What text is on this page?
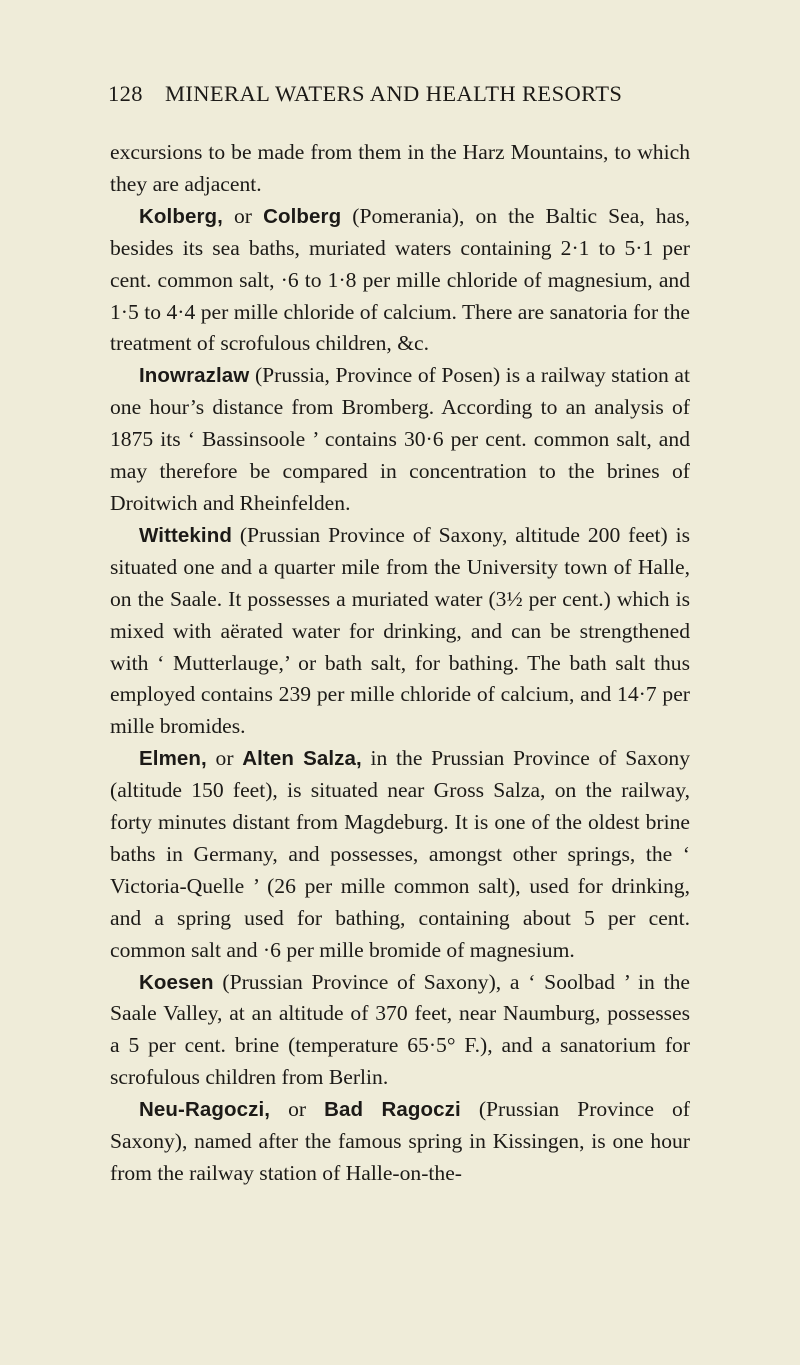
128 MINERAL WATERS AND HEALTH RESORTS

excursions to be made from them in the Harz Mountains, to which they are adjacent.

Kolberg, or Colberg (Pomerania), on the Baltic Sea, has, besides its sea baths, muriated waters containing 2·1 to 5·1 per cent. common salt, ·6 to 1·8 per mille chloride of magnesium, and 1·5 to 4·4 per mille chloride of calcium. There are sanatoria for the treatment of scrofulous children, &c.

Inowrazlaw (Prussia, Province of Posen) is a railway station at one hour’s distance from Bromberg. According to an analysis of 1875 its ‘ Bassinsoole ’ contains 30·6 per cent. common salt, and may therefore be compared in concentration to the brines of Droitwich and Rheinfelden.

Wittekind (Prussian Province of Saxony, altitude 200 feet) is situated one and a quarter mile from the University town of Halle, on the Saale. It possesses a muriated water (3½ per cent.) which is mixed with aërated water for drinking, and can be strengthened with ‘ Mutterlauge,’ or bath salt, for bathing. The bath salt thus employed contains 239 per mille chloride of calcium, and 14·7 per mille bromides.

Elmen, or Alten Salza, in the Prussian Province of Saxony (altitude 150 feet), is situated near Gross Salza, on the railway, forty minutes distant from Magdeburg. It is one of the oldest brine baths in Germany, and possesses, amongst other springs, the ‘ Victoria-Quelle ’ (26 per mille common salt), used for drinking, and a spring used for bathing, containing about 5 per cent. common salt and ·6 per mille bromide of magnesium.

Koesen (Prussian Province of Saxony), a ‘ Soolbad ’ in the Saale Valley, at an altitude of 370 feet, near Naumburg, possesses a 5 per cent. brine (temperature 65·5° F.), and a sanatorium for scrofulous children from Berlin.

Neu-Ragoczi, or Bad Ragoczi (Prussian Province of Saxony), named after the famous spring in Kissingen, is one hour from the railway station of Halle-on-the-
